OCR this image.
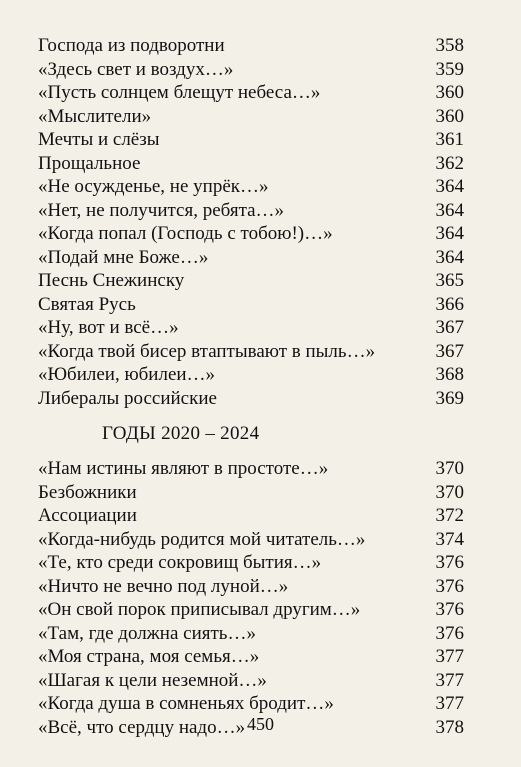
Господа из подворотни	358
«Здесь свет и воздух…»	359
«Пусть солнцем блещут небеса…»	360
«Мыслители»	360
Мечты и слёзы	361
Прощальное	362
«Не осужденье, не упрёк…»	364
«Нет, не получится, ребята…»	364
«Когда попал (Господь с тобою!)…»	364
«Подай мне Боже…»	364
Песнь Снежинску	365
Святая Русь	366
«Ну, вот и всё…»	367
«Когда твой бисер втаптывают в пыль…»	367
«Юбилеи, юбилеи…»	368
Либералы российские	369
ГОДЫ 2020 – 2024
«Нам истины являют в простоте…»	370
Безбожники	370
Ассоциации	372
«Когда-нибудь родится мой читатель…»	374
«Те, кто среди сокровищ бытия…»	376
«Ничто не вечно под луной…»	376
«Он свой порок приписывал другим…»	376
«Там, где должна сиять…»	376
«Моя страна, моя семья…»	377
«Шагая к цели неземной…»	377
«Когда душа в сомненьях бродит…»	377
«Всё, что сердцу надо…»	378
450
